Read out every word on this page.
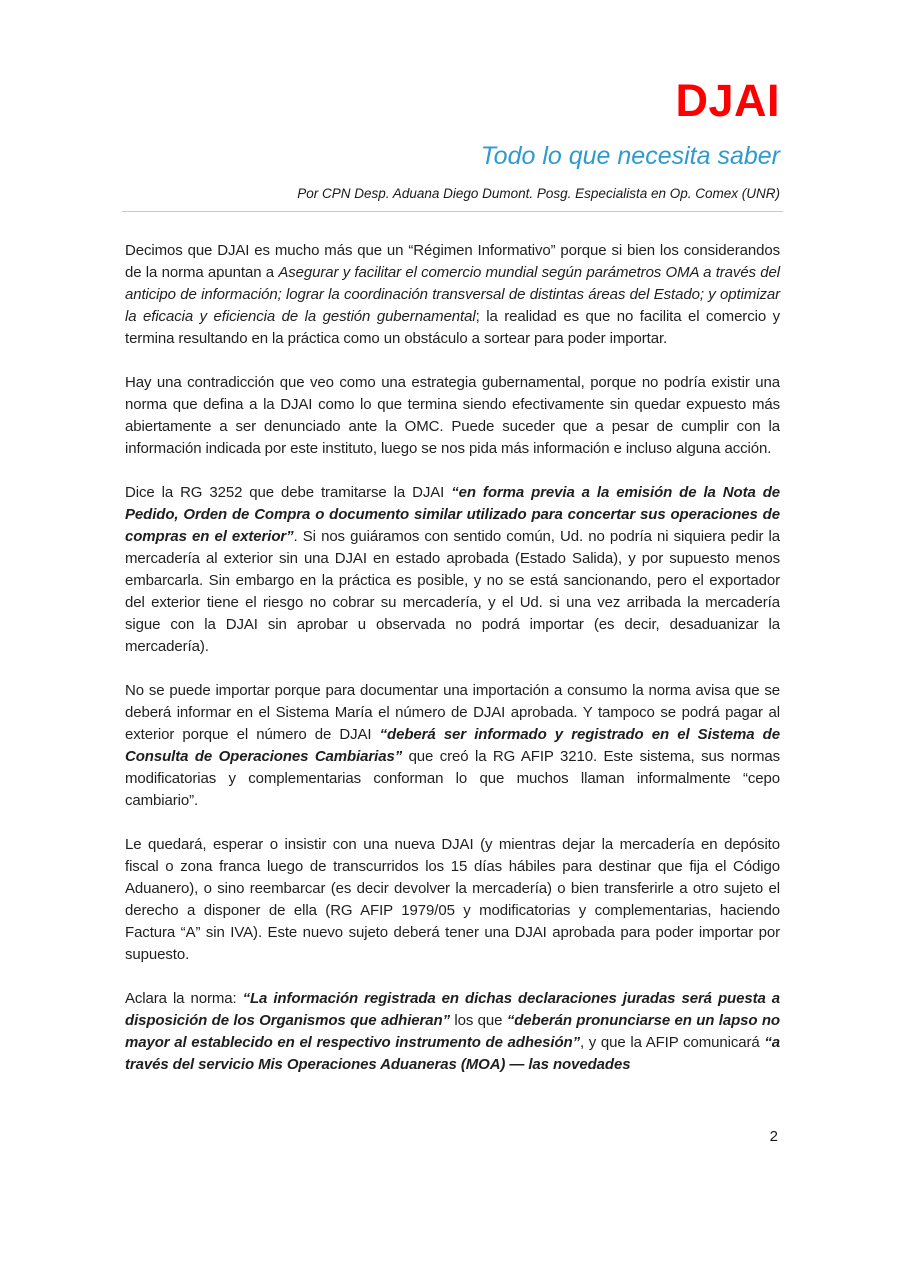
DJAI
Todo lo que necesita saber
Por CPN Desp. Aduana Diego Dumont. Posg. Especialista en Op. Comex (UNR)

Decimos que DJAI es mucho más que un “Régimen Informativo” porque si bien los considerandos de la norma apuntan a Asegurar y facilitar el comercio mundial según parámetros OMA a través del anticipo de información; lograr la coordinación transversal de distintas áreas del Estado; y optimizar la eficacia y eficiencia de la gestión gubernamental; la realidad es que no facilita el comercio y termina resultando en la práctica como un obstáculo a sortear para poder importar.

Hay una contradicción que veo como una estrategia gubernamental, porque no podría existir una norma que defina a la DJAI como lo que termina siendo efectivamente sin quedar expuesto más abiertamente a ser denunciado ante la OMC. Puede suceder que a pesar de cumplir con la información indicada por este instituto, luego se nos pida más información e incluso alguna acción.

Dice la RG 3252 que debe tramitarse la DJAI “en forma previa a la emisión de la Nota de Pedido, Orden de Compra o documento similar utilizado para concertar sus operaciones de compras en el exterior”. Si nos guiáramos con sentido común, Ud. no podría ni siquiera pedir la mercadería al exterior sin una DJAI en estado aprobada (Estado Salida), y por supuesto menos embarcarla. Sin embargo en la práctica es posible, y no se está sancionando, pero el exportador del exterior tiene el riesgo no cobrar su mercadería, y el Ud. si una vez arribada la mercadería sigue con la DJAI sin aprobar u observada no podrá importar (es decir, desaduanizar la mercadería).

No se puede importar porque para documentar una importación a consumo la norma avisa que se deberá informar en el Sistema María el número de DJAI aprobada. Y tampoco se podrá pagar al exterior porque el número de DJAI “deberá ser informado y registrado en el Sistema de Consulta de Operaciones Cambiarias” que creó la RG AFIP 3210. Este sistema, sus normas modificatorias y complementarias conforman lo que muchos llaman informalmente “cepo cambiario”.

Le quedará, esperar o insistir con una nueva DJAI (y mientras dejar la mercadería en depósito fiscal o zona franca luego de transcurridos los 15 días hábiles para destinar que fija el Código Aduanero), o sino reembarcar (es decir devolver la mercadería) o bien transferirle a otro sujeto el derecho a disponer de ella (RG AFIP 1979/05 y modificatorias y complementarias, haciendo Factura “A” sin IVA). Este nuevo sujeto deberá tener una DJAI aprobada para poder importar por supuesto.

Aclara la norma: “La información registrada en dichas declaraciones juradas será puesta a disposición de los Organismos que adhieran” los que “deberán pronunciarse en un lapso no mayor al establecido en el respectivo instrumento de adhesión”, y que la AFIP comunicará “a través del servicio Mis Operaciones Aduaneras (MOA) — las novedades

2
